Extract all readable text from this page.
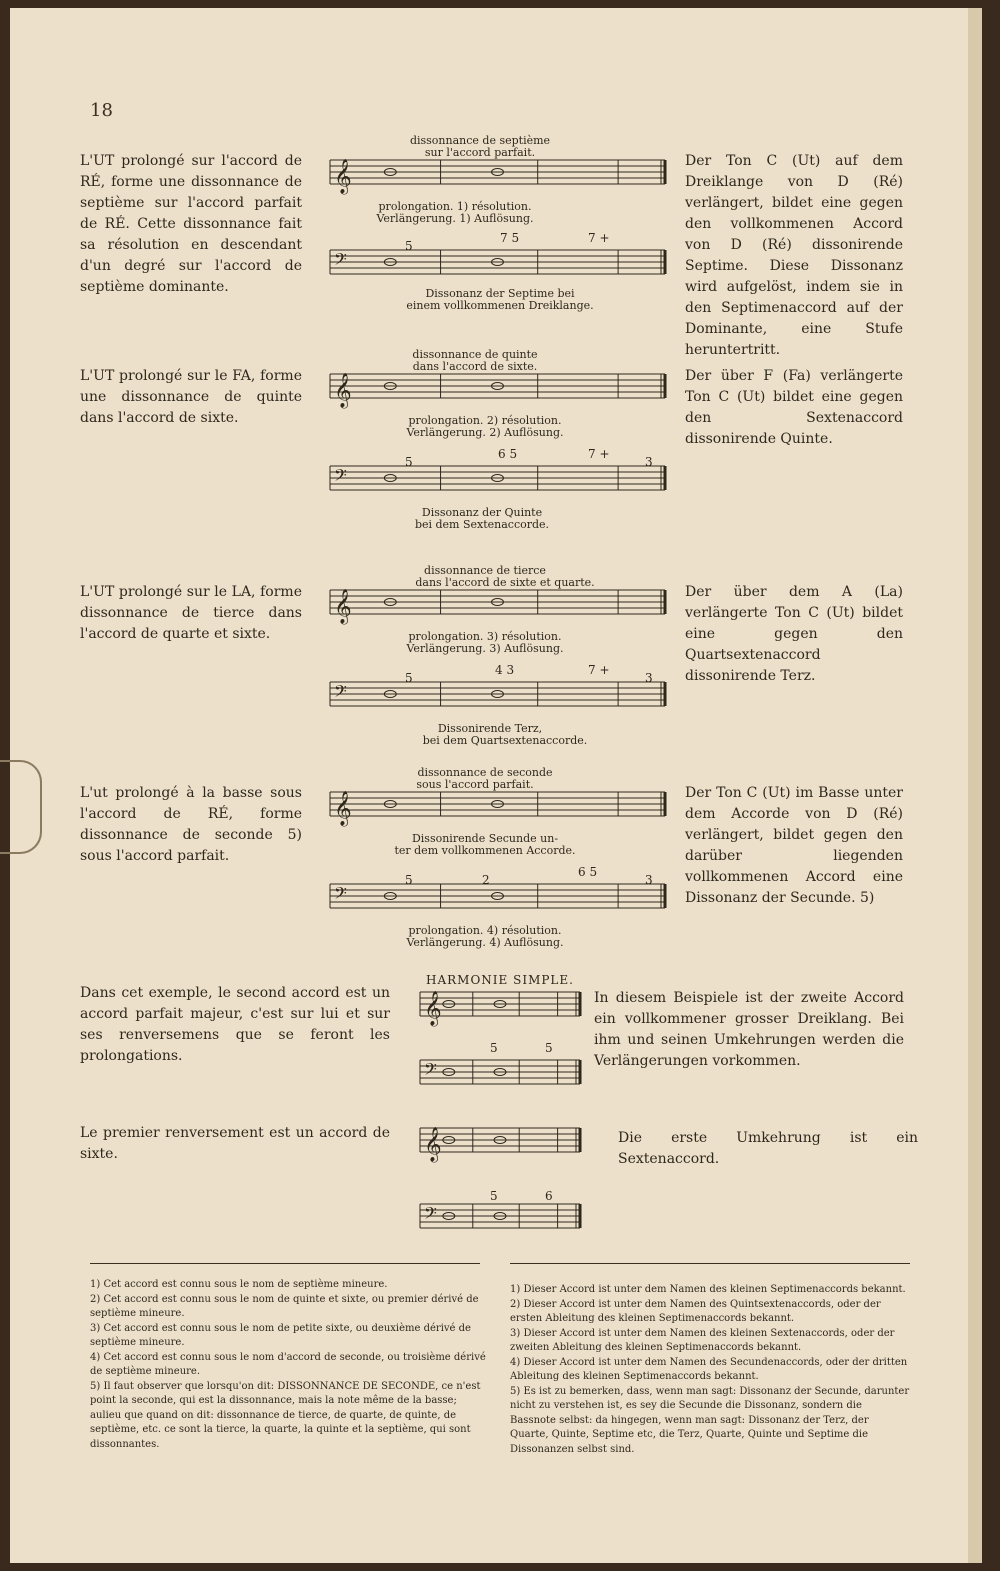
18
L'UT prolongé sur l'accord de RÉ, forme une dissonnance de septième sur l'accord parfait de RÉ. Cette dissonnance fait sa résolution en descendant d'un degré sur l'accord de septième dominante.
Der Ton C (Ut) auf dem Dreiklange von D (Ré) verlängert, bildet eine gegen den vollkommenen Accord von D (Ré) dissonirende Septime. Diese Dissonanz wird aufgelöst, indem sie in den Septimenaccord auf der Dominante, eine Stufe heruntertritt.
dissonnance de septième
sur l'accord parfait.
𝄞
prolongation. 1) résolution.
Verlängerung. 1) Auflösung.
5
7 5	7 +
𝄢
Dissonanz der Septime bei
einem vollkommenen Dreiklange.
L'UT prolongé sur le FA, forme une dissonnance de quinte dans l'accord de sixte.
Der über F (Fa) verlängerte Ton C (Ut) bildet eine gegen den Sextenaccord dissonirende Quinte.
dissonnance de quinte
dans l'accord de sixte.
𝄞
prolongation. 2) résolution.
Verlängerung. 2) Auflösung.
5
6 5	7 +
3
𝄢
Dissonanz der Quinte
bei dem Sextenaccorde.
L'UT prolongé sur le LA, forme dissonnance de tierce dans l'accord de quarte et sixte.
Der über dem A (La) verlängerte Ton C (Ut) bildet eine gegen den Quartsextenaccord dissonirende Terz.
dissonnance de tierce
dans l'accord de sixte et quarte.
𝄞
prolongation. 3) résolution.
Verlängerung. 3) Auflösung.
5
4 3	7 +
3
𝄢
Dissonirende Terz,
bei dem Quartsextenaccorde.
L'ut prolongé à la basse sous l'accord de RÉ, forme dissonnance de seconde 5) sous l'accord parfait.
Der Ton C (Ut) im Basse unter dem Accorde von D (Ré) verlängert, bildet gegen den darüber liegenden vollkommenen Accord eine Dissonanz der Secunde. 5)
dissonnance de seconde
sous l'accord parfait.
𝄞
Dissonirende Secunde un-
ter dem vollkommenen Accorde.
5	2
6 5
3
𝄢
prolongation. 4) résolution.
Verlängerung. 4) Auflösung.
Dans cet exemple, le second accord est un accord parfait majeur, c'est sur lui et sur ses renversemens que se feront les prolongations.
In diesem Beispiele ist der zweite Accord ein vollkommener grosser Dreiklang. Bei ihm und seinen Umkehrungen werden die Verlängerungen vorkommen.
HARMONIE SIMPLE.
𝄞
5	5
𝄢
Le premier renversement est un accord de sixte.
Die erste Umkehrung ist ein Sextenaccord.
𝄞
5	6
𝄢

1) Cet accord est connu sous le nom de septième mineure.

2) Cet accord est connu sous le nom de quinte et sixte, ou premier dérivé de septième mineure.

3) Cet accord est connu sous le nom de petite sixte, ou deuxième dérivé de septième mineure.

4) Cet accord est connu sous le nom d'accord de seconde, ou troisième dérivé de septième mineure.

5) Il faut observer que lorsqu'on dit: DISSONNANCE DE SECONDE, ce n'est point la seconde, qui est la dissonnance, mais la note même de la basse; aulieu que quand on dit: dissonnance de tierce, de quarte, de quinte, de septième, etc. ce sont la tierce, la quarte, la quinte et la septième, qui sont dissonnantes.

1) Dieser Accord ist unter dem Namen des kleinen Septimenaccords bekannt.

2) Dieser Accord ist unter dem Namen des Quintsextenaccords, oder der ersten Ableitung des kleinen Septimenaccords bekannt.

3) Dieser Accord ist unter dem Namen des kleinen Sextenaccords, oder der zweiten Ableitung des kleinen Septimenaccords bekannt.

4) Dieser Accord ist unter dem Namen des Secundenaccords, oder der dritten Ableitung des kleinen Septimenaccords bekannt.

5) Es ist zu bemerken, dass, wenn man sagt: Dissonanz der Secunde, darunter nicht zu verstehen ist, es sey die Secunde die Dissonanz, sondern die Bassnote selbst: da hingegen, wenn man sagt: Dissonanz der Terz, der Quarte, Quinte, Septime etc, die Terz, Quarte, Quinte und Septime die Dissonanzen selbst sind.
